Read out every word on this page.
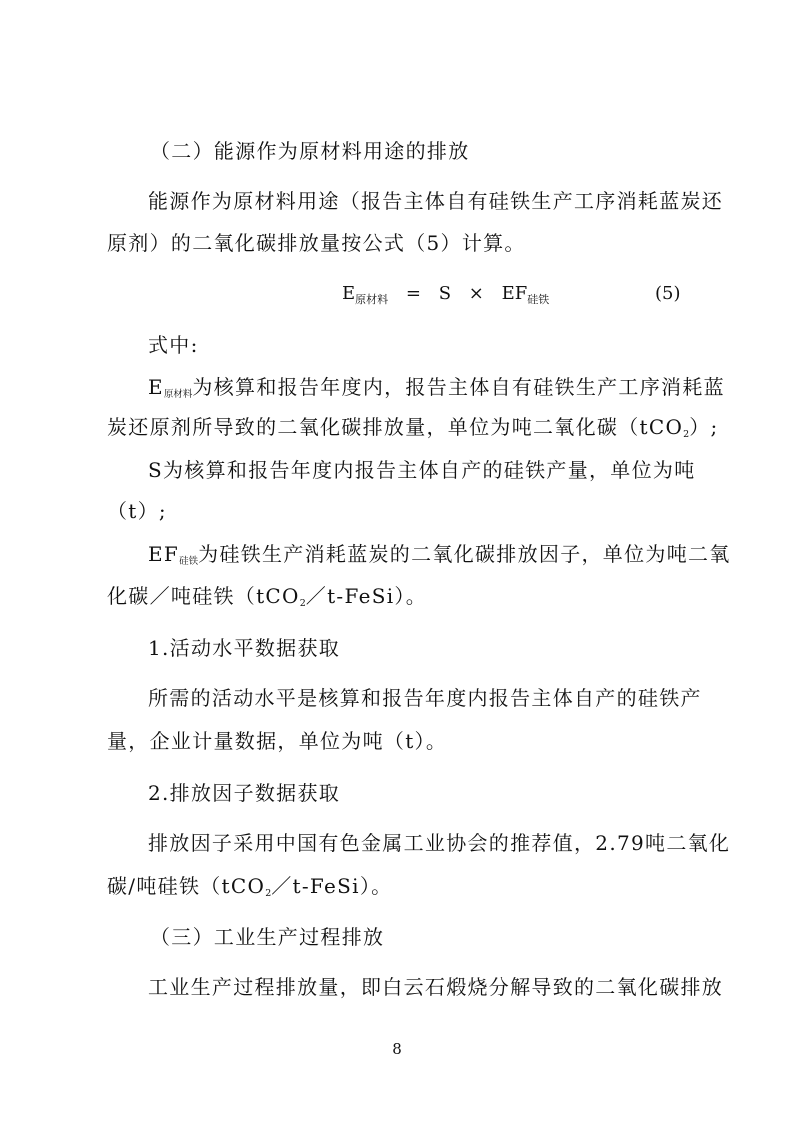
（二）能源作为原材料用途的排放
能源作为原材料用途（报告主体自有硅铁生产工序消耗蓝炭还
原剂）的二氧化碳排放量按公式（5）计算。
$E_{原材料} = S \times EF_{硅铁}$	(5)
式中:
E原材料为核算和报告年度内，报告主体自有硅铁生产工序消耗蓝
炭还原剂所导致的二氧化碳排放量，单位为吨二氧化碳（tCO2）;
S为核算和报告年度内报告主体自产的硅铁产量，单位为吨
（t）;
EF硅铁为硅铁生产消耗蓝炭的二氧化碳排放因子，单位为吨二氧
化碳／吨硅铁（tCO2／t-FeSi）。
1.活动水平数据获取
所需的活动水平是核算和报告年度内报告主体自产的硅铁产
量，企业计量数据，单位为吨（t）。
2.排放因子数据获取
排放因子采用中国有色金属工业协会的推荐值，2.79吨二氧化
碳/吨硅铁（tCO2／t-FeSi）。
（三）工业生产过程排放
工业生产过程排放量，即白云石煅烧分解导致的二氧化碳排放
8
